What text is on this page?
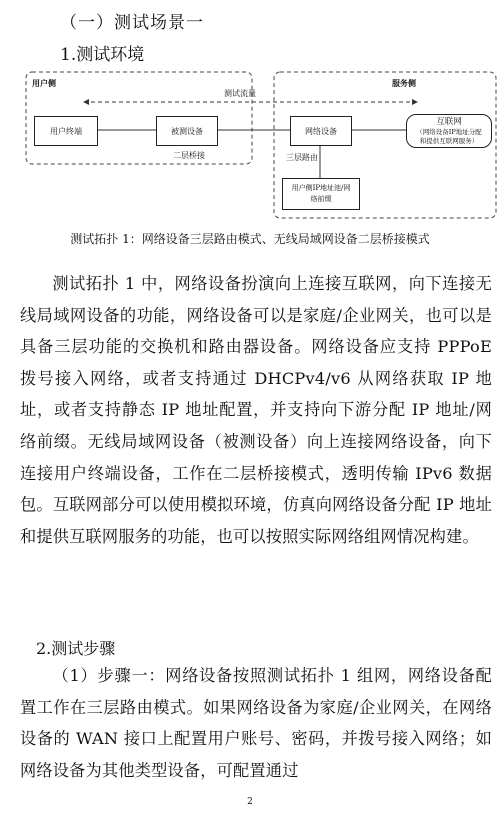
（一）测试场景一
1.测试环境
用户侧	服务侧
测试流量
用户终端	被测设备
二层桥接
网络设备
三层路由
互联网
（网络设备IP地址分配
和提供互联网服务）
用户侧IP地址池/网
络前缀
测试拓扑 1：网络设备三层路由模式、无线局域网设备二层桥接模式
测试拓扑 1 中，网络设备扮演向上连接互联网，向下连接无线局域网设备的功能，网络设备可以是家庭/企业网关，也可以是具备三层功能的交换机和路由器设备。网络设备应支持 PPPoE 拨号接入网络，或者支持通过 DHCPv4/v6 从网络获取 IP 地址，或者支持静态 IP 地址配置，并支持向下游分配 IP 地址/网络前缀。无线局域网设备（被测设备）向上连接网络设备，向下连接用户终端设备，工作在二层桥接模式，透明传输 IPv6 数据包。互联网部分可以使用模拟环境，仿真向网络设备分配 IP 地址和提供互联网服务的功能，也可以按照实际网络组网情况构建。
2.测试步骤
（1）步骤一：网络设备按照测试拓扑 1 组网，网络设备配置工作在三层路由模式。如果网络设备为家庭/企业网关，在网络设备的 WAN 接口上配置用户账号、密码，并拨号接入网络；如网络设备为其他类型设备，可配置通过
2
